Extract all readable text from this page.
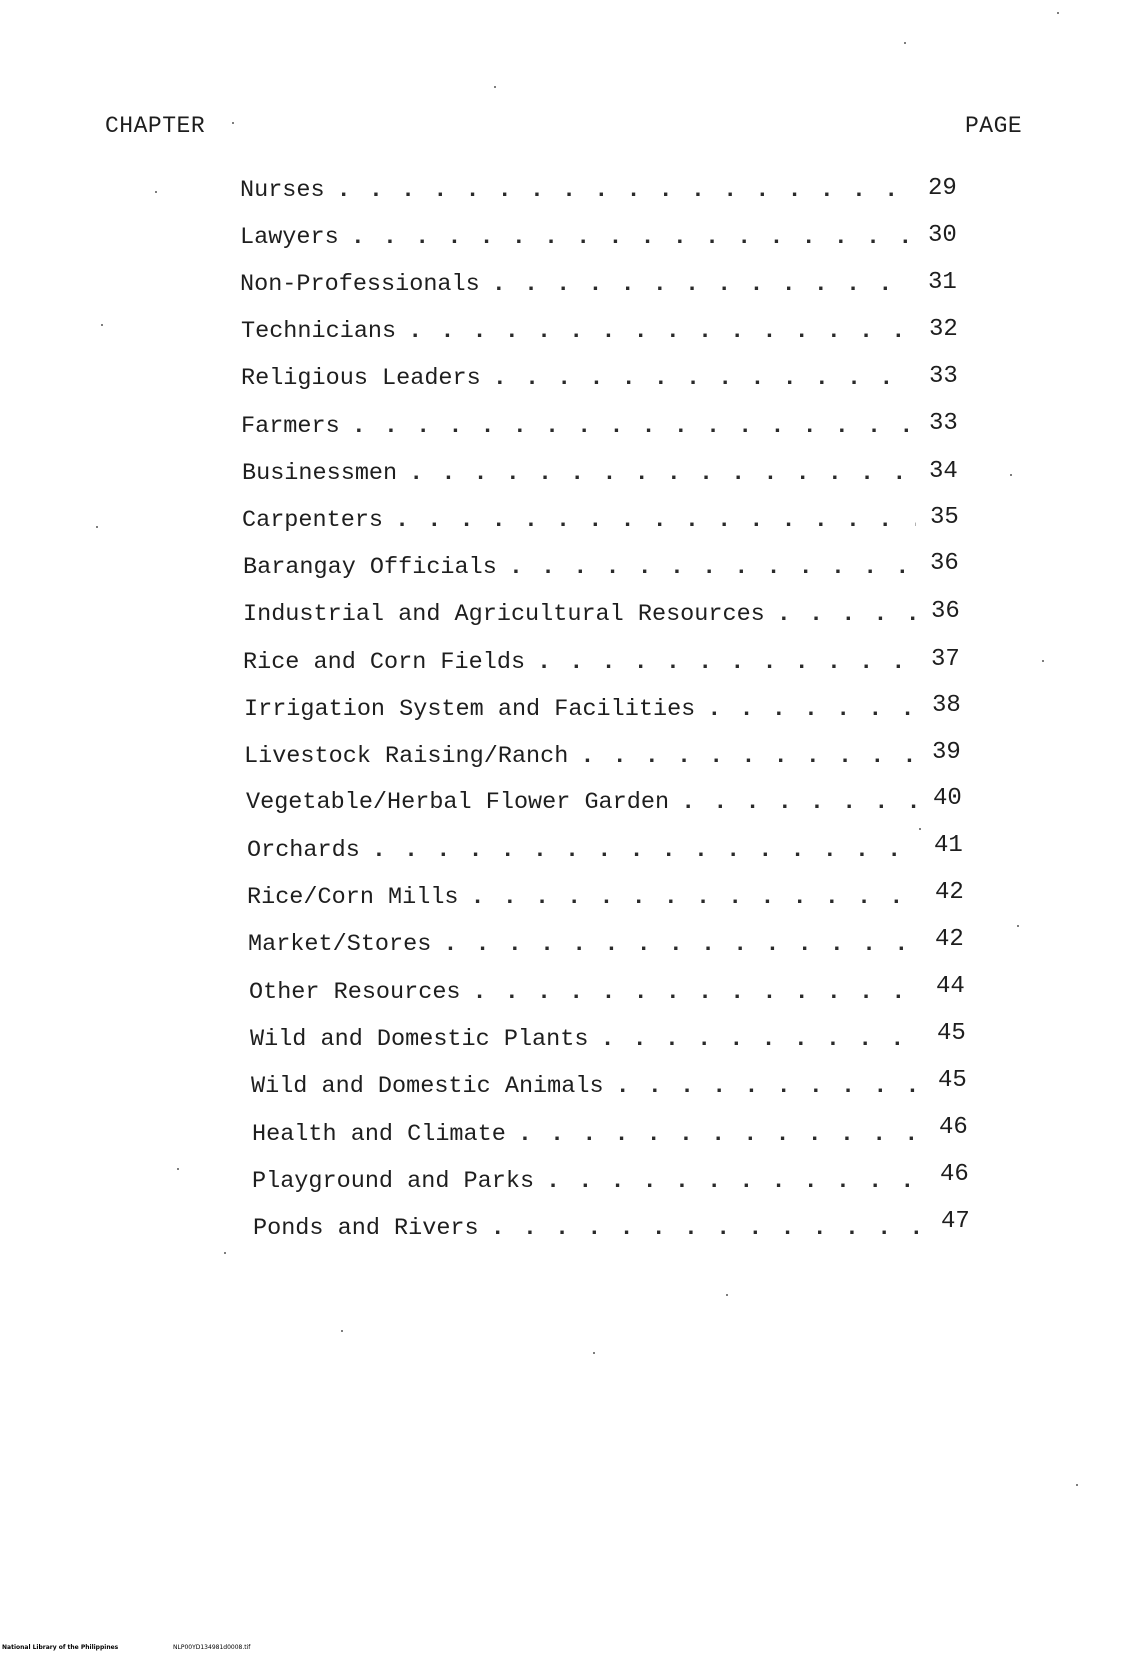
CHAPTER	PAGE
Nurses . . .	29
Lawyers . . .	30
Non-Professionals . . .	31
Technicians . . .	32
Religious Leaders . . .	33
Farmers . . .	33
Businessmen . . .	34
Carpenters . . .	35
Barangay Officials . . .	36
Industrial and Agricultural Resources . . .	36
Rice and Corn Fields . . .	37
Irrigation System and Facilities . . .	38
Livestock Raising/Ranch . . .	39
Vegetable/Herbal Flower Garden . . .	40
Orchards . . .	41
Rice/Corn Mills . . .	42
Market/Stores . . .	42
Other Resources . . .	44
Wild and Domestic Plants . . .	45
Wild and Domestic Animals . . .	45
Health and Climate . . .	46
Playground and Parks . . .	46
Ponds and Rivers . . .	47
National Library of the Philippines	NLP00YD134981d0008.tif
